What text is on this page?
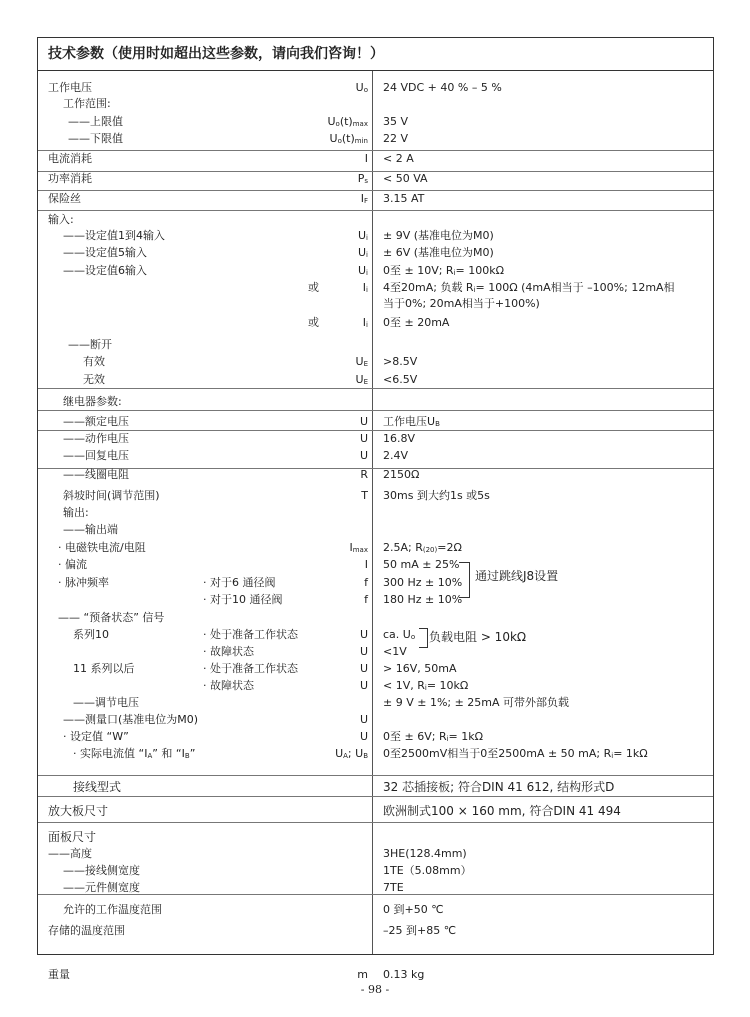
技术参数（使用时如超出这些参数，请向我们咨询！）
工作电压	$U_o$ 24 VDC + 40 % – 5 %
工作范围:
——上限值	$U_o(t)_{max}$ 35 V
——下限值	$U_o(t)_{min}$ 22 V
电流消耗	I < 2 A
功率消耗	$P_s < 50$ VA
保险丝	$I_F$ 3.15 AT
输入:
——设定值1到4输入	$U_i \pm 9V$ (基准电位为M0)
——设定值5输入	$U_i \pm 6V$ (基准电位为M0)
——设定值6输入	$U_i$ 0至 ± 10V; $R_i= 100k\Omega$
或	$I_i$ 4至20mA; 负载 $R_i= 100\Omega$ (4mA相当于 –100%; 12mA相
当于0%; 20mA相当于+100%)
或	$I_i$ 0至 ± 20mA
——断开
有效	$U_E >8.5V$
无效	$U_E <6.5V$
继电器参数:
——额定电压	U 工作电压$U_B$
——动作电压	U 16.8V
——回复电压	U 2.4V
——线圈电阻	R 2150Ω
斜坡时间(调节范围)	T 30ms 到大约1s 或5s
输出:
——输出端
· 电磁铁电流/电阻	$I_{max}$ 2.5A; $R_{(20)}=2\Omega$
· 偏流	I 50 mA ± 25%
· 脉冲频率	· 对于6 通径阀	f 300 Hz ± 10%
· 对于10 通径阀	f 180 Hz ± 10%
—— “预备状态” 信号
系列10	· 处于准备工作状态	U ca. $U_o$
· 故障状态	U <1V
11 系列以后	· 处于准备工作状态	U > 16V, 50mA
· 故障状态	U < 1V, $R_i= 10k\Omega$
——调节电压	± 9 V ± 1%; ± 25mA 可带外部负载
——测量口(基准电位为M0)	U
· 设定值 “W”	U 0至 ± 6V; $R_i= 1k\Omega$
· 实际电流值 “$I_A$” 和 “$I_B$”	$U_A$; $U_B$ 0至2500mV相当于0至2500mA ± 50 mA; $R_i= 1k\Omega$
接线型式	32 芯插接板; 符合DIN 41 612, 结构形式D
放大板尺寸	欧洲制式100 × 160 mm, 符合DIN 41 494
面板尺寸
——高度	3HE(128.4mm)
——接线侧宽度	1TE（5.08mm）
——元件侧宽度	7TE
允许的工作温度范围	0 到+50 ℃
存储的温度范围	–25 到+85 ℃
重量	m 0.13 kg
通过跳线J8设置
负载电阻 > 10kΩ
- 98 -
